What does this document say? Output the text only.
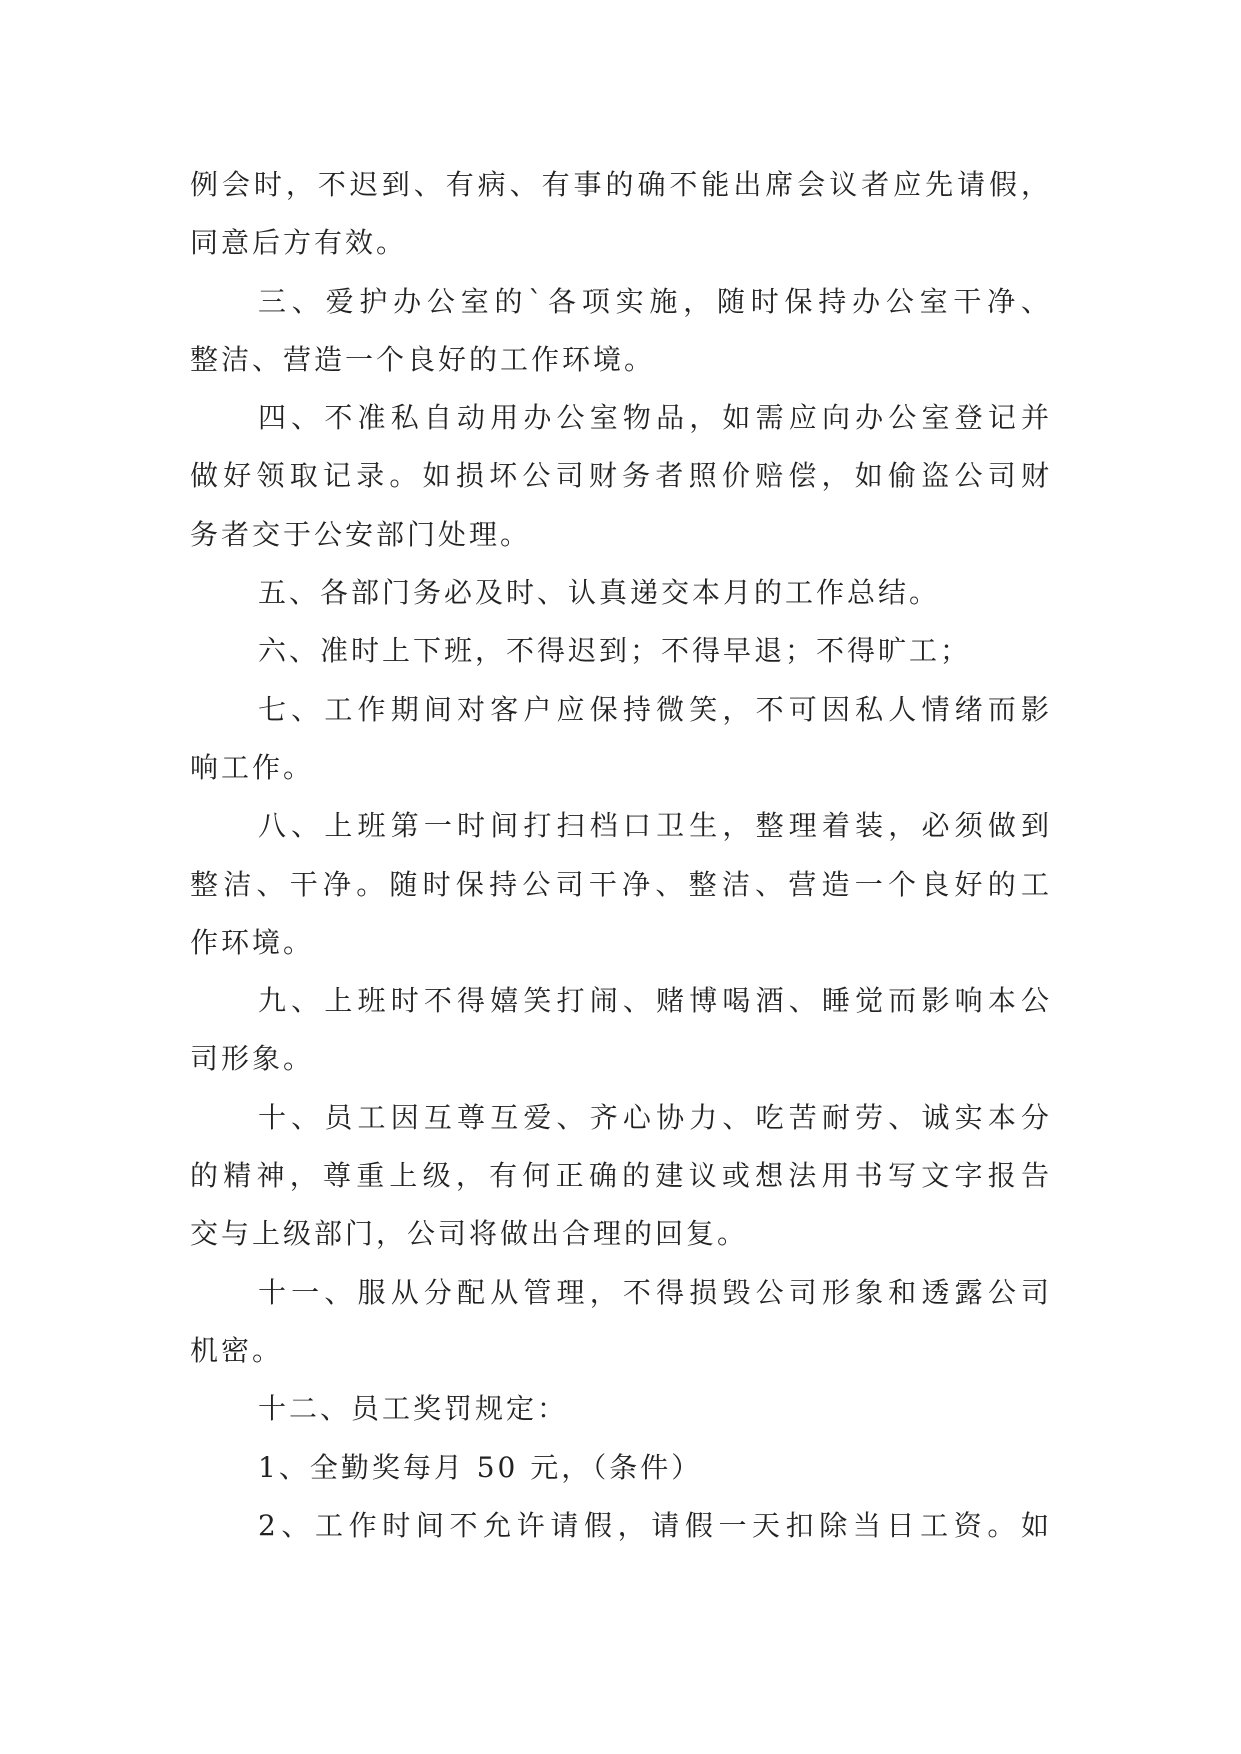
例会时，不迟到、有病、有事的确不能出席会议者应先请假，
同意后方有效。
三、爱护办公室的`各项实施，随时保持办公室干净、
整洁、营造一个良好的工作环境。
四、不准私自动用办公室物品，如需应向办公室登记并
做好领取记录。如损坏公司财务者照价赔偿，如偷盗公司财
务者交于公安部门处理。
五、各部门务必及时、认真递交本月的工作总结。
六、准时上下班，不得迟到；不得早退；不得旷工；
七、工作期间对客户应保持微笑，不可因私人情绪而影
响工作。
八、上班第一时间打扫档口卫生，整理着装，必须做到
整洁、干净。随时保持公司干净、整洁、营造一个良好的工
作环境。
九、上班时不得嬉笑打闹、赌博喝酒、睡觉而影响本公
司形象。
十、员工因互尊互爱、齐心协力、吃苦耐劳、诚实本分
的精神，尊重上级，有何正确的建议或想法用书写文字报告
交与上级部门，公司将做出合理的回复。
十一、服从分配从管理，不得损毁公司形象和透露公司
机密。
十二、员工奖罚规定：
1、全勤奖每月 50 元，（条件）
2、工作时间不允许请假，请假一天扣除当日工资。如
